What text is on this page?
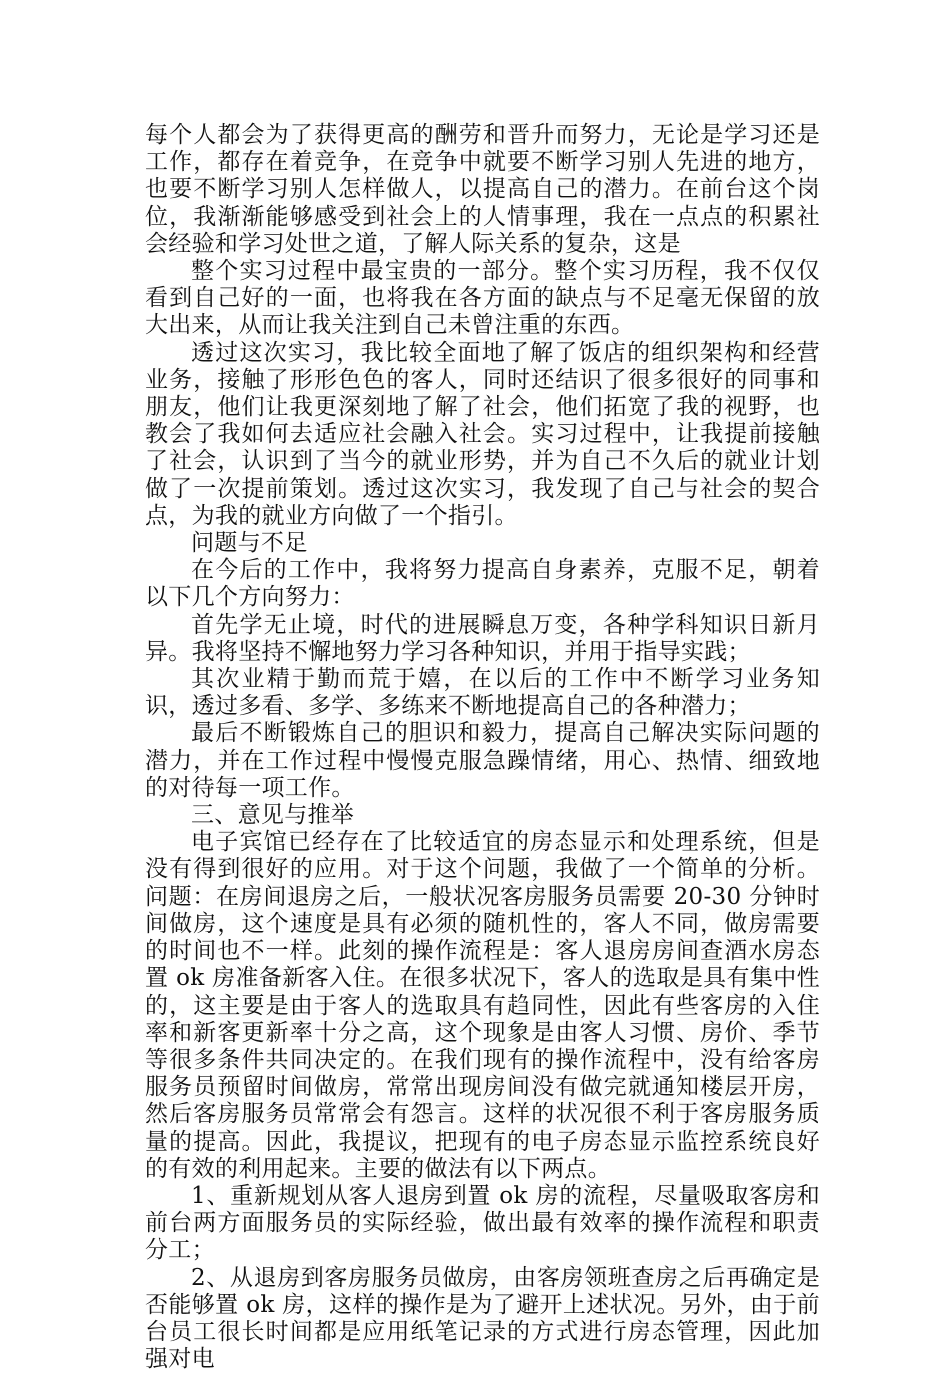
每个人都会为了获得更高的酬劳和晋升而努力，无论是学习还是工作，都存在着竞争，在竞争中就要不断学习别人先进的地方，也要不断学习别人怎样做人，以提高自己的潜力。在前台这个岗位，我渐渐能够感受到社会上的人情事理，我在一点点的积累社会经验和学习处世之道，了解人际关系的复杂，这是

整个实习过程中最宝贵的一部分。整个实习历程，我不仅仅看到自己好的一面，也将我在各方面的缺点与不足毫无保留的放大出来，从而让我关注到自己未曾注重的东西。

透过这次实习，我比较全面地了解了饭店的组织架构和经营业务，接触了形形色色的客人，同时还结识了很多很好的同事和朋友，他们让我更深刻地了解了社会，他们拓宽了我的视野，也教会了我如何去适应社会融入社会。实习过程中，让我提前接触了社会，认识到了当今的就业形势，并为自己不久后的就业计划做了一次提前策划。透过这次实习，我发现了自己与社会的契合点，为我的就业方向做了一个指引。

问题与不足

在今后的工作中，我将努力提高自身素养，克服不足，朝着以下几个方向努力：

首先学无止境，时代的进展瞬息万变，各种学科知识日新月异。我将坚持不懈地努力学习各种知识，并用于指导实践；

其次业精于勤而荒于嬉，在以后的工作中不断学习业务知识，透过多看、多学、多练来不断地提高自己的各种潜力；

最后不断锻炼自己的胆识和毅力，提高自己解决实际问题的潜力，并在工作过程中慢慢克服急躁情绪，用心、热情、细致地的对待每一项工作。

三、意见与推举

电子宾馆已经存在了比较适宜的房态显示和处理系统，但是没有得到很好的应用。对于这个问题，我做了一个简单的分析。问题：在房间退房之后，一般状况客房服务员需要 20-30 分钟时间做房，这个速度是具有必须的随机性的，客人不同，做房需要的时间也不一样。此刻的操作流程是：客人退房房间查酒水房态置 ok 房准备新客入住。在很多状况下，客人的选取是具有集中性的，这主要是由于客人的选取具有趋同性，因此有些客房的入住率和新客更新率十分之高，这个现象是由客人习惯、房价、季节等很多条件共同决定的。在我们现有的操作流程中，没有给客房服务员预留时间做房，常常出现房间没有做完就通知楼层开房，然后客房服务员常常会有怨言。这样的状况很不利于客房服务质量的提高。因此，我提议，把现有的电子房态显示监控系统良好的有效的利用起来。主要的做法有以下两点。

1、重新规划从客人退房到置 ok 房的流程，尽量吸取客房和前台两方面服务员的实际经验，做出最有效率的操作流程和职责分工；

2、从退房到客房服务员做房，由客房领班查房之后再确定是否能够置 ok 房，这样的操作是为了避开上述状况。另外，由于前台员工很长时间都是应用纸笔记录的方式进行房态管理，因此加强对电
